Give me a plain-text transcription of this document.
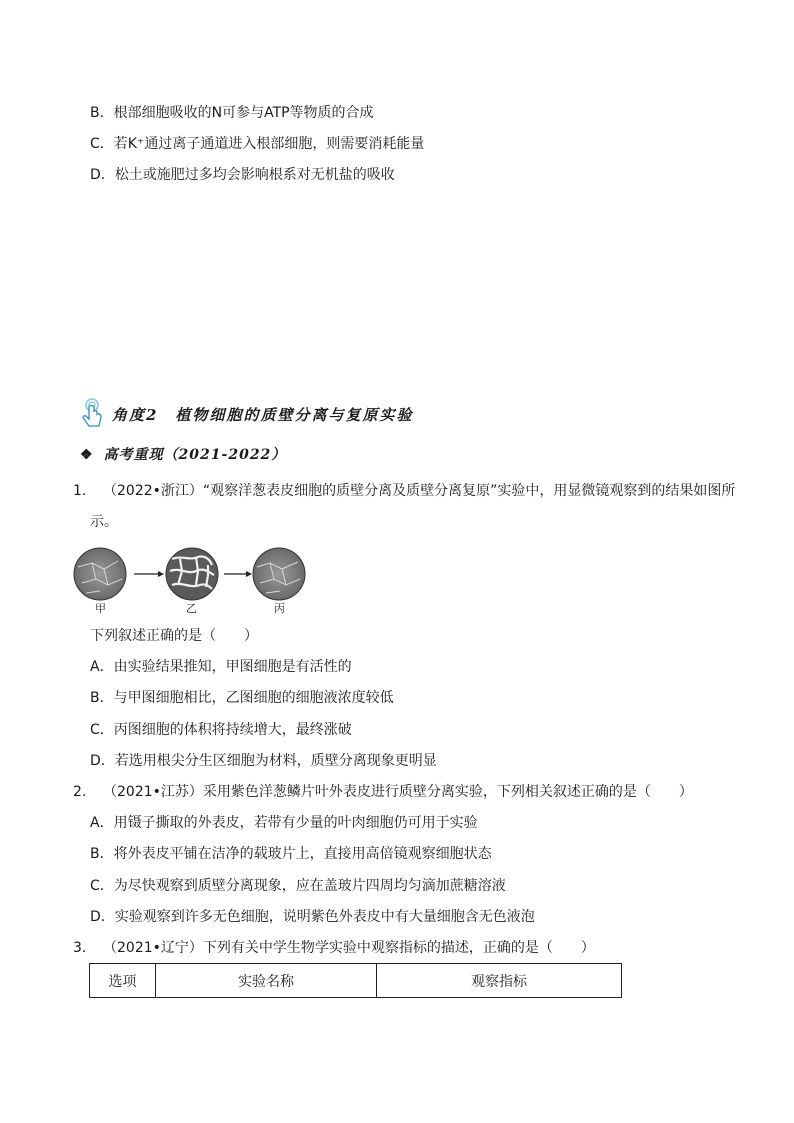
B．根部细胞吸收的N可参与ATP等物质的合成
C．若K⁺通过离子通道进入根部细胞，则需要消耗能量
D．松土或施肥过多均会影响根系对无机盐的吸收
角度2　植物细胞的质壁分离与复原实验
❖ 高考重现（2021-2022）
1. （2022•浙江）“观察洋葱表皮细胞的质壁分离及质壁分离复原”实验中，用显微镜观察到的结果如图所
示。
甲	乙	丙
下列叙述正确的是（　　）
A．由实验结果推知，甲图细胞是有活性的
B．与甲图细胞相比，乙图细胞的细胞液浓度较低
C．丙图细胞的体积将持续增大，最终涨破
D．若选用根尖分生区细胞为材料，质壁分离现象更明显
2. （2021•江苏）采用紫色洋葱鳞片叶外表皮进行质壁分离实验，下列相关叙述正确的是（　　）
A．用镊子撕取的外表皮，若带有少量的叶肉细胞仍可用于实验
B．将外表皮平铺在洁净的载玻片上，直接用高倍镜观察细胞状态
C．为尽快观察到质壁分离现象，应在盖玻片四周均匀滴加蔗糖溶液
D．实验观察到许多无色细胞，说明紫色外表皮中有大量细胞含无色液泡
3. （2021•辽宁）下列有关中学生物学实验中观察指标的描述，正确的是（　　）
选项	实验名称	观察指标
